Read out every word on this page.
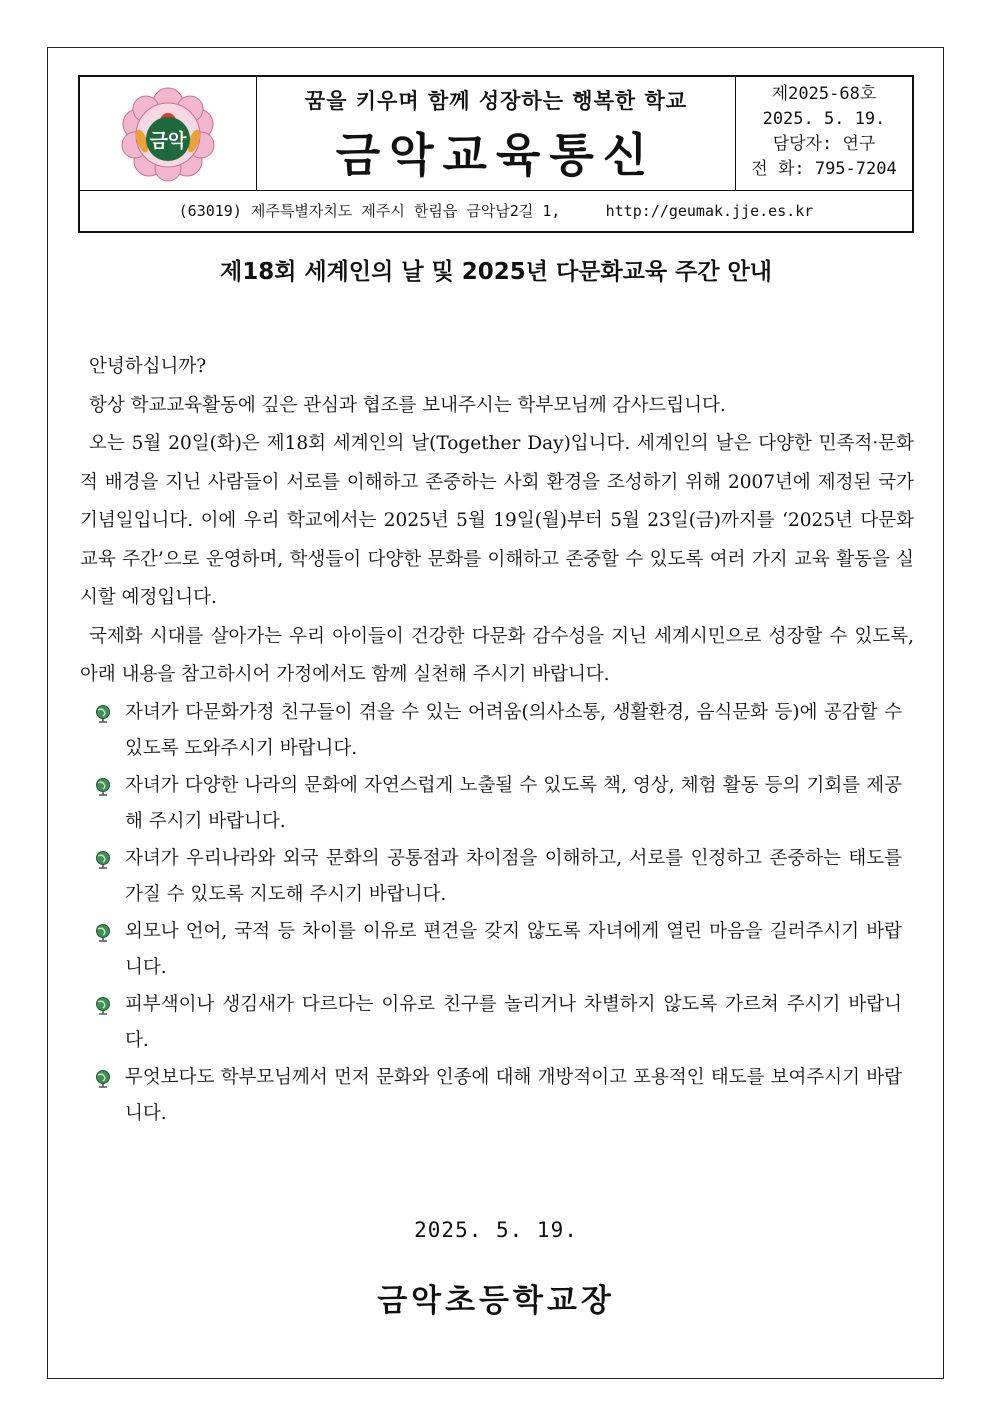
금악
꿈을 키우며 함께 성장하는 행복한 학교
금악교육통신
제2025-68호
2025. 5. 19.
담당자: 연구
전 화: 795-7204
(63019) 제주특별자치도 제주시 한림읍 금악남2길 1,	http://geumak.jje.es.kr
제18회 세계인의 날 및 2025년 다문화교육 주간 안내

안녕하십니까?

항상 학교교육활동에 깊은 관심과 협조를 보내주시는 학부모님께 감사드립니다.

오는 5월 20일(화)은 제18회 세계인의 날(Together Day)입니다. 세계인의 날은 다양한 민족적·문화적 배경을 지닌 사람들이 서로를 이해하고 존중하는 사회 환경을 조성하기 위해 2007년에 제정된 국가기념일입니다. 이에 우리 학교에서는 2025년 5월 19일(월)부터 5월 23일(금)까지를 ‘2025년 다문화교육 주간’으로 운영하며, 학생들이 다양한 문화를 이해하고 존중할 수 있도록 여러 가지 교육 활동을 실시할 예정입니다.

국제화 시대를 살아가는 우리 아이들이 건강한 다문화 감수성을 지닌 세계시민으로 성장할 수 있도록, 아래 내용을 참고하시어 가정에서도 함께 실천해 주시기 바랍니다.

자녀가 다문화가정 친구들이 겪을 수 있는 어려움(의사소통, 생활환경, 음식문화 등)에 공감할 수 있도록 도와주시기 바랍니다.
자녀가 다양한 나라의 문화에 자연스럽게 노출될 수 있도록 책, 영상, 체험 활동 등의 기회를 제공해 주시기 바랍니다.
자녀가 우리나라와 외국 문화의 공통점과 차이점을 이해하고, 서로를 인정하고 존중하는 태도를 가질 수 있도록 지도해 주시기 바랍니다.
외모나 언어, 국적 등 차이를 이유로 편견을 갖지 않도록 자녀에게 열린 마음을 길러주시기 바랍니다.
피부색이나 생김새가 다르다는 이유로 친구를 놀리거나 차별하지 않도록 가르쳐 주시기 바랍니다.
무엇보다도 학부모님께서 먼저 문화와 인종에 대해 개방적이고 포용적인 태도를 보여주시기 바랍니다.
2025. 5. 19.
금악초등학교장
